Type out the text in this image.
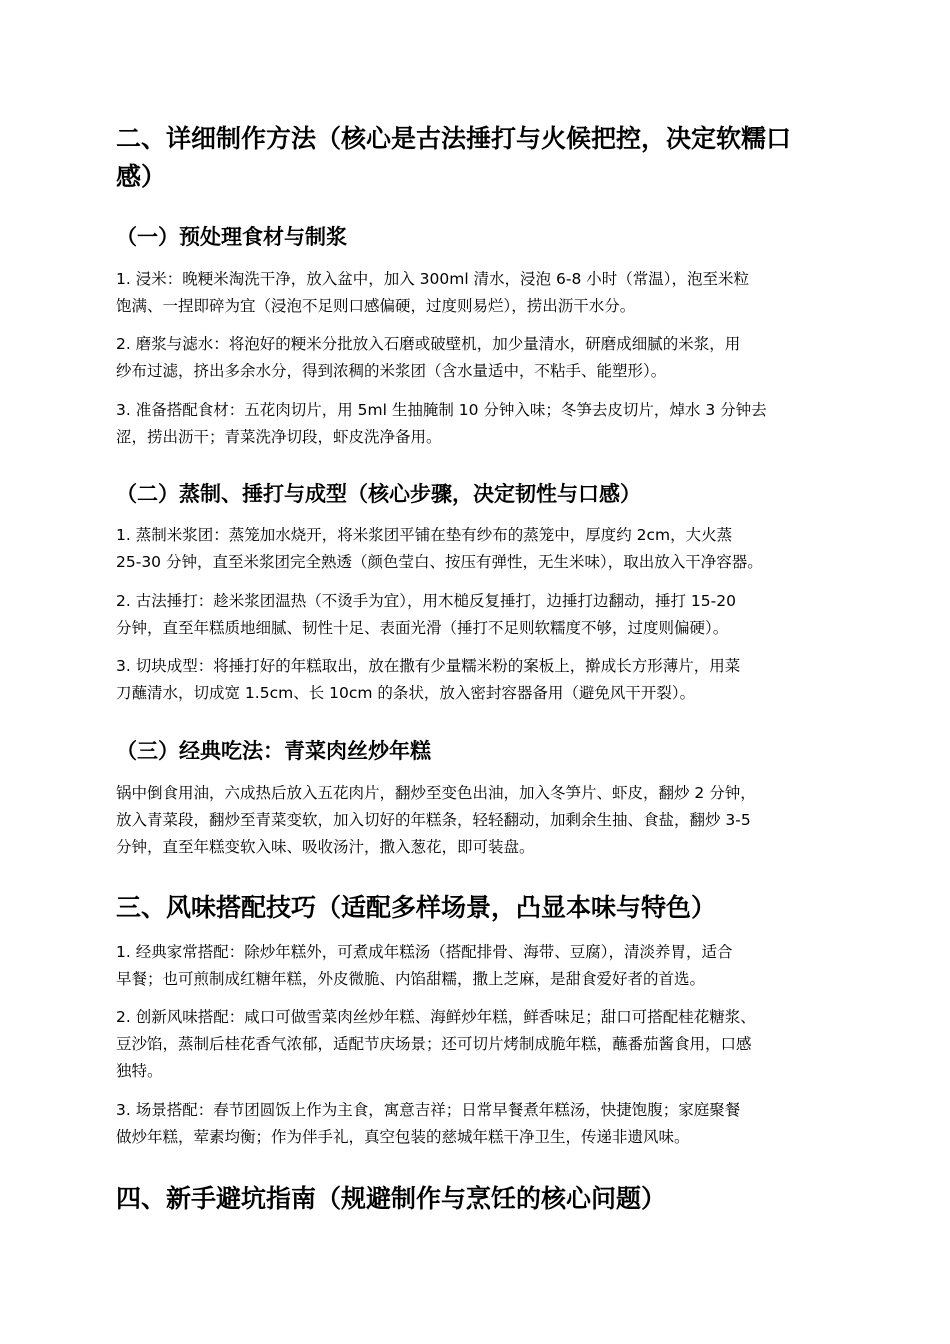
二、详细制作方法（核心是古法捶打与火候把控，决定软糯口
感）
（一）预处理食材与制浆

1. 浸米：晚粳米淘洗干净，放入盆中，加入 300ml 清水，浸泡 6-8 小时（常温），泡至米粒
饱满、一捏即碎为宜（浸泡不足则口感偏硬，过度则易烂），捞出沥干水分。

2. 磨浆与滤水：将泡好的粳米分批放入石磨或破壁机，加少量清水，研磨成细腻的米浆，用
纱布过滤，挤出多余水分，得到浓稠的米浆团（含水量适中，不粘手、能塑形）。

3. 准备搭配食材：五花肉切片，用 5ml 生抽腌制 10 分钟入味；冬笋去皮切片，焯水 3 分钟去
涩，捞出沥干；青菜洗净切段，虾皮洗净备用。

（二）蒸制、捶打与成型（核心步骤，决定韧性与口感）

1. 蒸制米浆团：蒸笼加水烧开，将米浆团平铺在垫有纱布的蒸笼中，厚度约 2cm，大火蒸
25-30 分钟，直至米浆团完全熟透（颜色莹白、按压有弹性，无生米味），取出放入干净容器。

2. 古法捶打：趁米浆团温热（不烫手为宜），用木槌反复捶打，边捶打边翻动，捶打 15-20
分钟，直至年糕质地细腻、韧性十足、表面光滑（捶打不足则软糯度不够，过度则偏硬）。

3. 切块成型：将捶打好的年糕取出，放在撒有少量糯米粉的案板上，擀成长方形薄片，用菜
刀蘸清水，切成宽 1.5cm、长 10cm 的条状，放入密封容器备用（避免风干开裂）。

（三）经典吃法：青菜肉丝炒年糕

锅中倒食用油，六成热后放入五花肉片，翻炒至变色出油，加入冬笋片、虾皮，翻炒 2 分钟，
放入青菜段，翻炒至青菜变软，加入切好的年糕条，轻轻翻动，加剩余生抽、食盐，翻炒 3-5
分钟，直至年糕变软入味、吸收汤汁，撒入葱花，即可装盘。

三、风味搭配技巧（适配多样场景，凸显本味与特色）

1. 经典家常搭配：除炒年糕外，可煮成年糕汤（搭配排骨、海带、豆腐），清淡养胃，适合
早餐；也可煎制成红糖年糕，外皮微脆、内馅甜糯，撒上芝麻，是甜食爱好者的首选。

2. 创新风味搭配：咸口可做雪菜肉丝炒年糕、海鲜炒年糕，鲜香味足；甜口可搭配桂花糖浆、
豆沙馅，蒸制后桂花香气浓郁，适配节庆场景；还可切片烤制成脆年糕，蘸番茄酱食用，口感
独特。

3. 场景搭配：春节团圆饭上作为主食，寓意吉祥；日常早餐煮年糕汤，快捷饱腹；家庭聚餐
做炒年糕，荤素均衡；作为伴手礼，真空包装的慈城年糕干净卫生，传递非遗风味。

四、新手避坑指南（规避制作与烹饪的核心问题）
